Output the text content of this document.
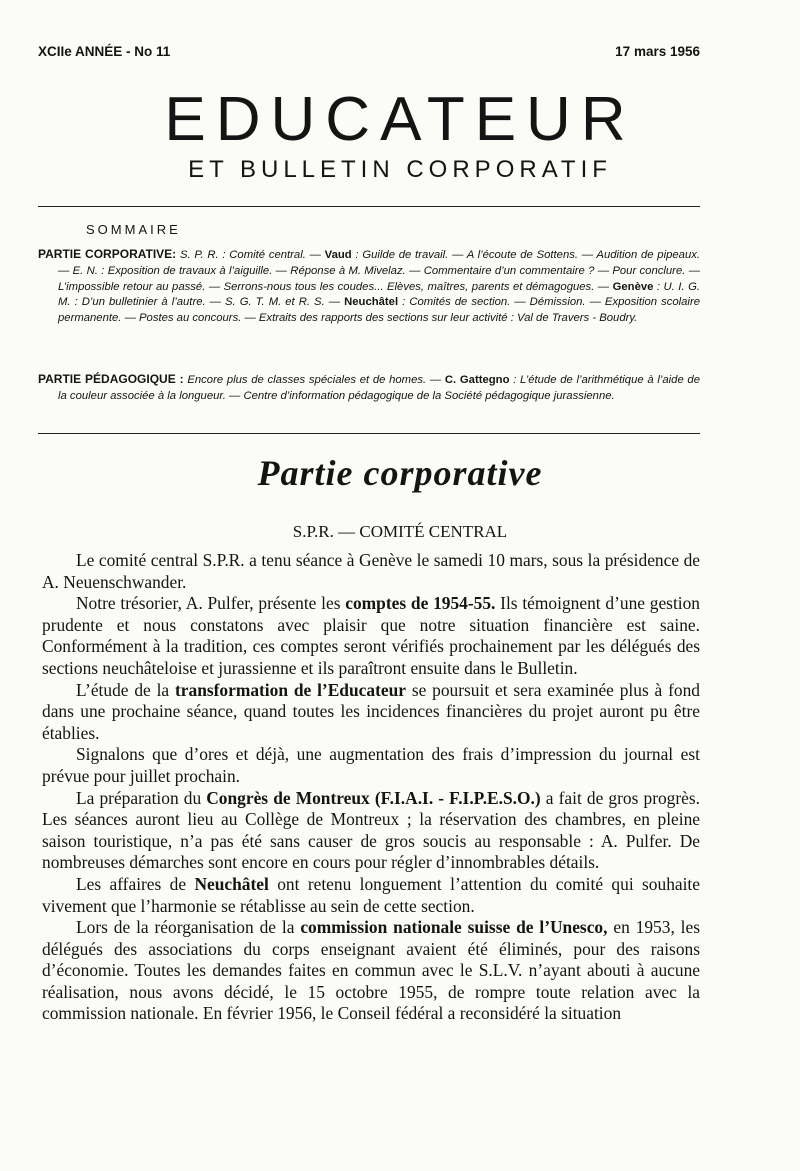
XCIIe ANNÉE - No 11	17 mars 1956
EDUCATEUR
ET BULLETIN CORPORATIF
SOMMAIRE
PARTIE CORPORATIVE: S. P. R. : Comité central. — Vaud : Guilde de travail. — A l’écoute de Sottens. — Audition de pipeaux. — E. N. : Exposition de travaux à l’aiguille. — Réponse à M. Mivelaz. — Commentaire d’un commentaire ? — Pour conclure. — L’impossible retour au passé. — Serrons-nous tous les coudes... Elèves, maîtres, parents et démagogues. — Genève : U. I. G. M. : D’un bulletinier à l’autre. — S. G. T. M. et R. S. — Neuchâtel : Comités de section. — Démission. — Exposition scolaire permanente. — Postes au concours. — Extraits des rapports des sections sur leur activité : Val de Travers - Boudry.
PARTIE PÉDAGOGIQUE : Encore plus de classes spéciales et de homes. — C. Gattegno : L’étude de l’arithmétique à l’aide de la couleur associée à la longueur. — Centre d’information pédagogique de la Société pédagogique jurassienne.
Partie corporative
S.P.R. — COMITÉ CENTRAL

Le comité central S.P.R. a tenu séance à Genève le samedi 10 mars, sous la présidence de A. Neuenschwander.

Notre trésorier, A. Pulfer, présente les comptes de 1954-55. Ils témoignent d’une gestion prudente et nous constatons avec plaisir que notre situation financière est saine. Conformément à la tradition, ces comptes seront vérifiés prochainement par les délégués des sections neuchâteloise et jurassienne et ils paraîtront ensuite dans le Bulletin.

L’étude de la transformation de l’Educateur se poursuit et sera examinée plus à fond dans une prochaine séance, quand toutes les incidences financières du projet auront pu être établies.

Signalons que d’ores et déjà, une augmentation des frais d’impression du journal est prévue pour juillet prochain.

La préparation du Congrès de Montreux (F.I.A.I. - F.I.P.E.S.O.) a fait de gros progrès. Les séances auront lieu au Collège de Montreux ; la réservation des chambres, en pleine saison touristique, n’a pas été sans causer de gros soucis au responsable : A. Pulfer. De nombreuses démarches sont encore en cours pour régler d’innombrables détails.

Les affaires de Neuchâtel ont retenu longuement l’attention du comité qui souhaite vivement que l’harmonie se rétablisse au sein de cette section.

Lors de la réorganisation de la commission nationale suisse de l’Unesco, en 1953, les délégués des associations du corps enseignant avaient été éliminés, pour des raisons d’économie. Toutes les demandes faites en commun avec le S.L.V. n’ayant abouti à aucune réalisation, nous avons décidé, le 15 octobre 1955, de rompre toute relation avec la commission nationale. En février 1956, le Conseil fédéral a reconsidéré la situation
